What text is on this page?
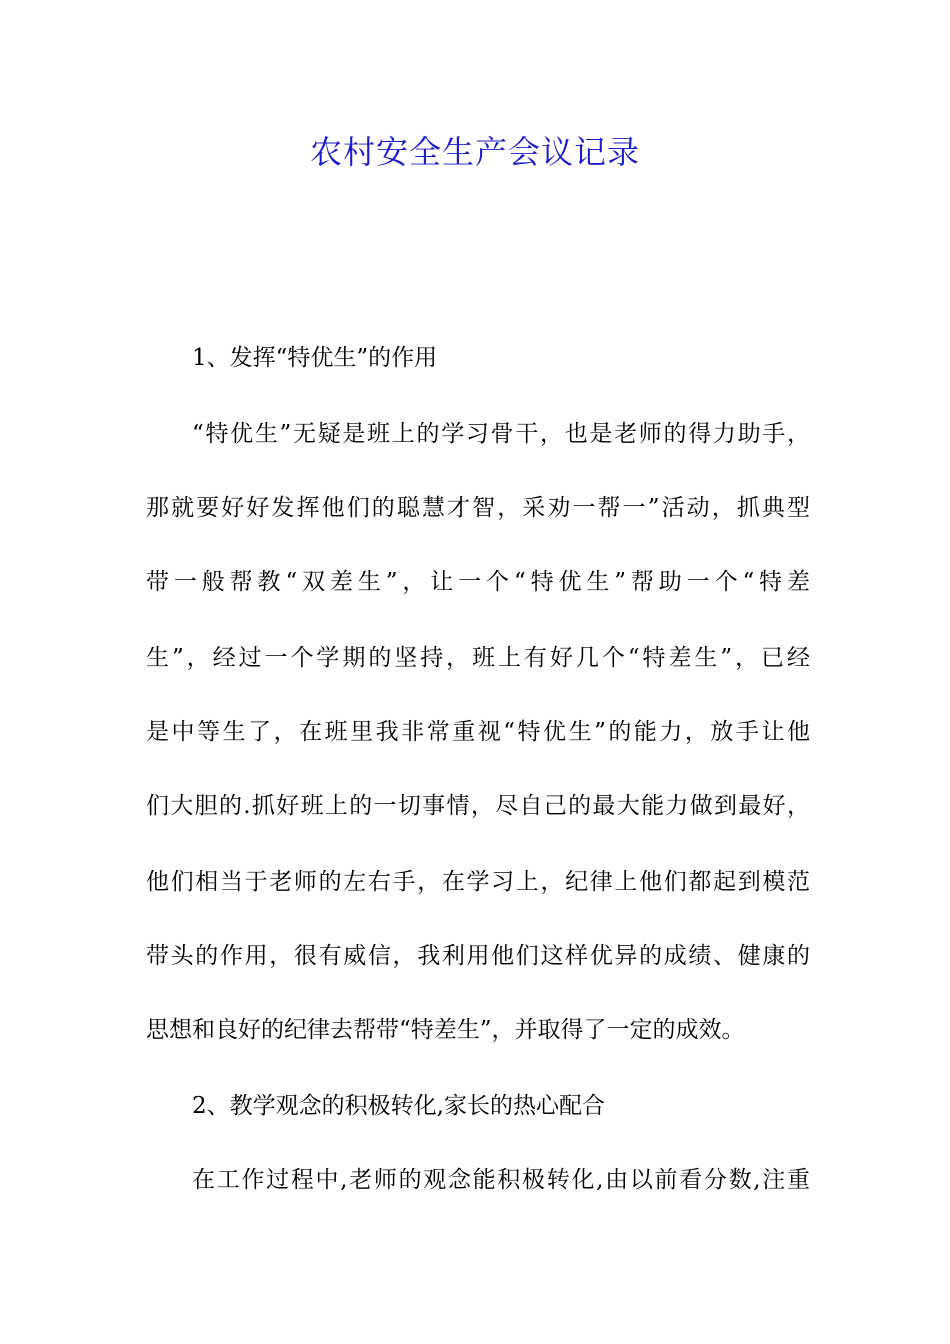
农村安全生产会议记录
1、发挥“特优生”的作用
“特优生”无疑是班上的学习骨干，也是老师的得力助手，
那就要好好发挥他们的聪慧才智，采劝一帮一”活动，抓典型
带一般帮教“双差生”，让一个“特优生”帮助一个“特差
生”，经过一个学期的坚持，班上有好几个“特差生”，已经
是中等生了，在班里我非常重视“特优生”的能力，放手让他
们大胆的.抓好班上的一切事情，尽自己的最大能力做到最好，
他们相当于老师的左右手，在学习上，纪律上他们都起到模范
带头的作用，很有威信，我利用他们这样优异的成绩、健康的
思想和良好的纪律去帮带“特差生”，并取得了一定的成效。
2、教学观念的积极转化,家长的热心配合
在工作过程中,老师的观念能积极转化,由以前看分数,注重
